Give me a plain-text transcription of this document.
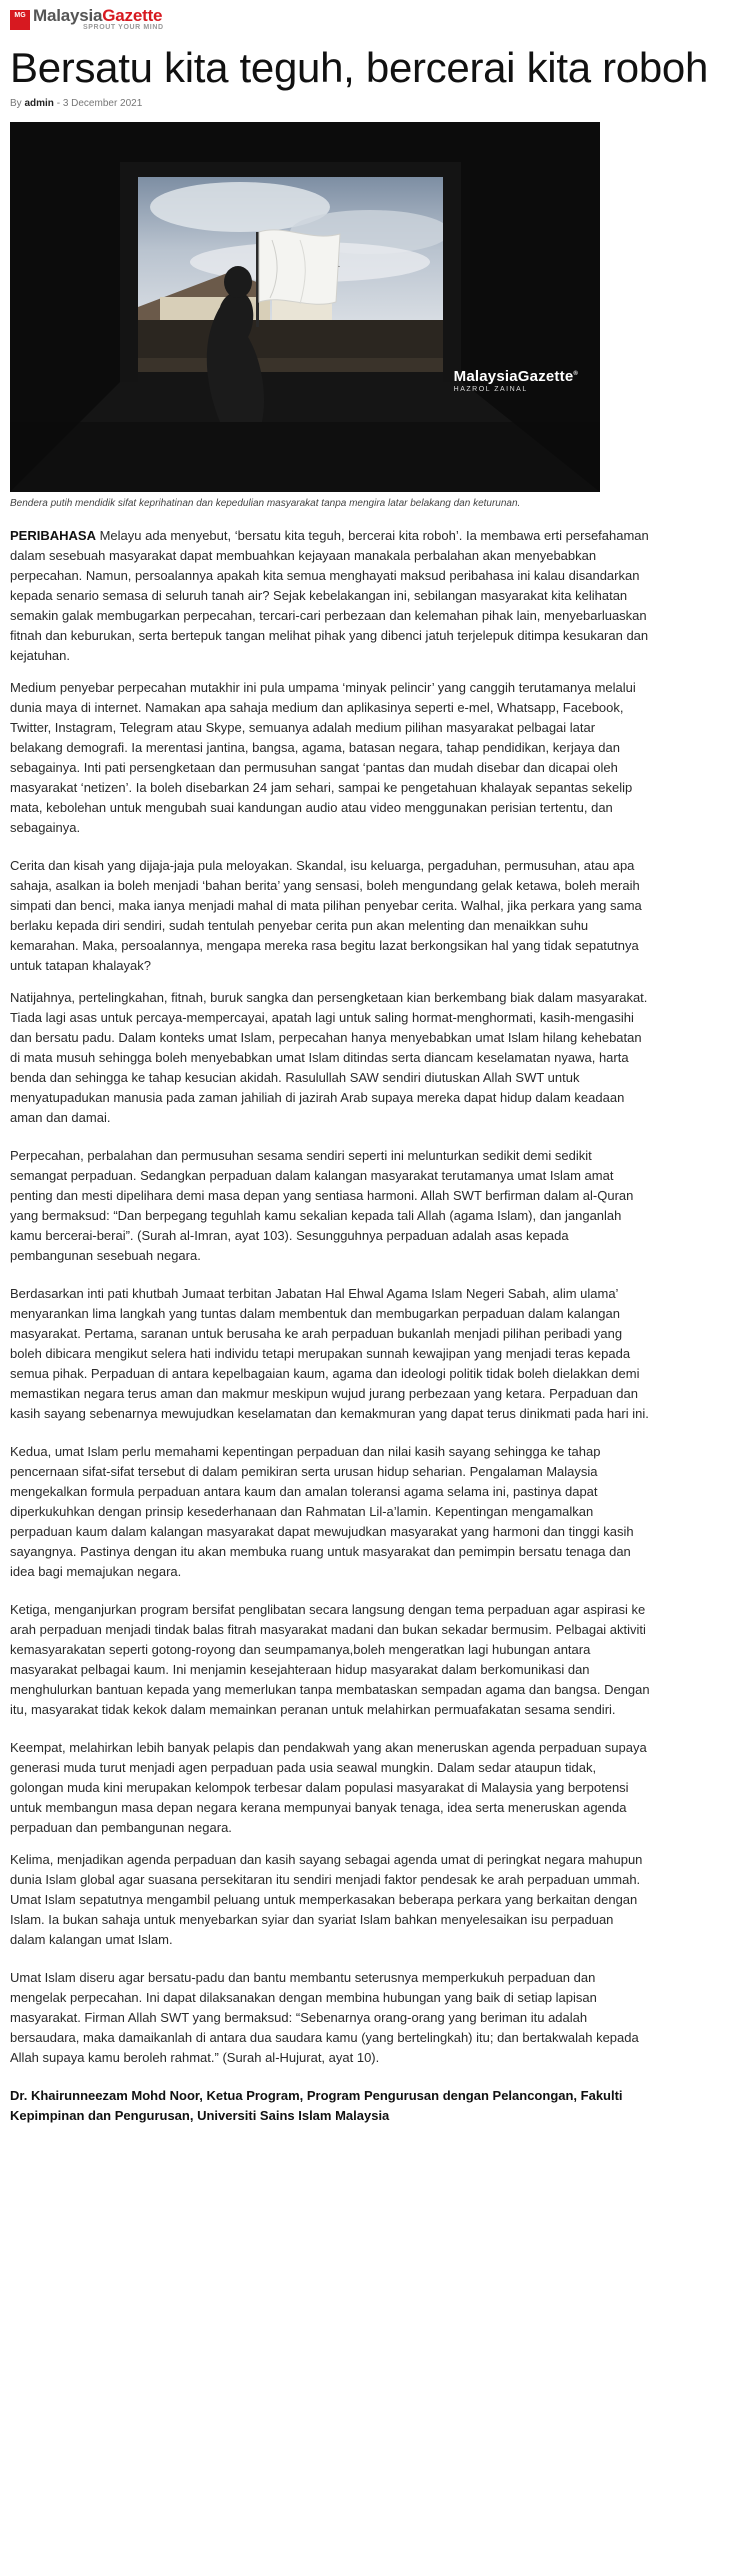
MG MalaysiaGazette
SPROUT YOUR MIND
Bersatu kita teguh, bercerai kita roboh
By admin - 3 December 2021
MalaysiaGazette®
HAZROL ZAINAL
Bendera putih mendidik sifat keprihatinan dan kepedulian masyarakat tanpa mengira latar belakang dan keturunan.

PERIBAHASA Melayu ada menyebut, ‘bersatu kita teguh, bercerai kita roboh’. Ia membawa erti persefahaman dalam sesebuah masyarakat dapat membuahkan kejayaan manakala perbalahan akan menyebabkan perpecahan. Namun, persoalannya apakah kita semua menghayati maksud peribahasa ini kalau disandarkan kepada senario semasa di seluruh tanah air? Sejak kebelakangan ini, sebilangan masyarakat kita kelihatan semakin galak membugarkan perpecahan, tercari-cari perbezaan dan kelemahan pihak lain, menyebarluaskan fitnah dan keburukan, serta bertepuk tangan melihat pihak yang dibenci jatuh terjelepuk ditimpa kesukaran dan kejatuhan.

Medium penyebar perpecahan mutakhir ini pula umpama ‘minyak pelincir’ yang canggih terutamanya melalui dunia maya di internet. Namakan apa sahaja medium dan aplikasinya seperti e-mel, Whatsapp, Facebook, Twitter, Instagram, Telegram atau Skype, semuanya adalah medium pilihan masyarakat pelbagai latar belakang demografi. Ia merentasi jantina, bangsa, agama, batasan negara, tahap pendidikan, kerjaya dan sebagainya. Inti pati persengketaan dan permusuhan sangat ‘pantas dan mudah disebar dan dicapai oleh masyarakat ‘netizen’. Ia boleh disebarkan 24 jam sehari, sampai ke pengetahuan khalayak sepantas sekelip mata, kebolehan untuk mengubah suai kandungan audio atau video menggunakan perisian tertentu, dan sebagainya.

Cerita dan kisah yang dijaja-jaja pula meloyakan. Skandal, isu keluarga, pergaduhan, permusuhan, atau apa sahaja, asalkan ia boleh menjadi ‘bahan berita’ yang sensasi, boleh mengundang gelak ketawa, boleh meraih simpati dan benci, maka ianya menjadi mahal di mata pilihan penyebar cerita. Walhal, jika perkara yang sama berlaku kepada diri sendiri, sudah tentulah penyebar cerita pun akan melenting dan menaikkan suhu kemarahan. Maka, persoalannya, mengapa mereka rasa begitu lazat berkongsikan hal yang tidak sepatutnya untuk tatapan khalayak?

Natijahnya, pertelingkahan, fitnah, buruk sangka dan persengketaan kian berkembang biak dalam masyarakat. Tiada lagi asas untuk percaya-mempercayai, apatah lagi untuk saling hormat-menghormati, kasih-mengasihi dan bersatu padu. Dalam konteks umat Islam, perpecahan hanya menyebabkan umat Islam hilang kehebatan di mata musuh sehingga boleh menyebabkan umat Islam ditindas serta diancam keselamatan nyawa, harta benda dan sehingga ke tahap kesucian akidah. Rasulullah SAW sendiri diutuskan Allah SWT untuk menyatupadukan manusia pada zaman jahiliah di jazirah Arab supaya mereka dapat hidup dalam keadaan aman dan damai.

Perpecahan, perbalahan dan permusuhan sesama sendiri seperti ini melunturkan sedikit demi sedikit semangat perpaduan. Sedangkan perpaduan dalam kalangan masyarakat terutamanya umat Islam amat penting dan mesti dipelihara demi masa depan yang sentiasa harmoni. Allah SWT berfirman dalam al-Quran yang bermaksud: “Dan berpegang teguhlah kamu sekalian kepada tali Allah (agama Islam), dan janganlah kamu bercerai-berai”. (Surah al-Imran, ayat 103). Sesungguhnya perpaduan adalah asas kepada pembangunan sesebuah negara.

Berdasarkan inti pati khutbah Jumaat terbitan Jabatan Hal Ehwal Agama Islam Negeri Sabah, alim ulama’ menyarankan lima langkah yang tuntas dalam membentuk dan membugarkan perpaduan dalam kalangan masyarakat. Pertama, saranan untuk berusaha ke arah perpaduan bukanlah menjadi pilihan peribadi yang boleh dibicara mengikut selera hati individu tetapi merupakan sunnah kewajipan yang menjadi teras kepada semua pihak. Perpaduan di antara kepelbagaian kaum, agama dan ideologi politik tidak boleh dielakkan demi memastikan negara terus aman dan makmur meskipun wujud jurang perbezaan yang ketara. Perpaduan dan kasih sayang sebenarnya mewujudkan keselamatan dan kemakmuran yang dapat terus dinikmati pada hari ini.

Kedua, umat Islam perlu memahami kepentingan perpaduan dan nilai kasih sayang sehingga ke tahap pencernaan sifat-sifat tersebut di dalam pemikiran serta urusan hidup seharian. Pengalaman Malaysia mengekalkan formula perpaduan antara kaum dan amalan toleransi agama selama ini, pastinya dapat diperkukuhkan dengan prinsip kesederhanaan dan Rahmatan Lil-a’lamin. Kepentingan mengamalkan perpaduan kaum dalam kalangan masyarakat dapat mewujudkan masyarakat yang harmoni dan tinggi kasih sayangnya. Pastinya dengan itu akan membuka ruang untuk masyarakat dan pemimpin bersatu tenaga dan idea bagi memajukan negara.

Ketiga, menganjurkan program bersifat penglibatan secara langsung dengan tema perpaduan agar aspirasi ke arah perpaduan menjadi tindak balas fitrah masyarakat madani dan bukan sekadar bermusim. Pelbagai aktiviti kemasyarakatan seperti gotong-royong dan seumpamanya,boleh mengeratkan lagi hubungan antara masyarakat pelbagai kaum. Ini menjamin kesejahteraan hidup masyarakat dalam berkomunikasi dan menghulurkan bantuan kepada yang memerlukan tanpa membataskan sempadan agama dan bangsa. Dengan itu, masyarakat tidak kekok dalam memainkan peranan untuk melahirkan permuafakatan sesama sendiri.

Keempat, melahirkan lebih banyak pelapis dan pendakwah yang akan meneruskan agenda perpaduan supaya generasi muda turut menjadi agen perpaduan pada usia seawal mungkin. Dalam sedar ataupun tidak, golongan muda kini merupakan kelompok terbesar dalam populasi masyarakat di Malaysia yang berpotensi untuk membangun masa depan negara kerana mempunyai banyak tenaga, idea serta meneruskan agenda perpaduan dan pembangunan negara.

Kelima, menjadikan agenda perpaduan dan kasih sayang sebagai agenda umat di peringkat negara mahupun dunia Islam global agar suasana persekitaran itu sendiri menjadi faktor pendesak ke arah perpaduan ummah. Umat Islam sepatutnya mengambil peluang untuk memperkasakan beberapa perkara yang berkaitan dengan Islam. Ia bukan sahaja untuk menyebarkan syiar dan syariat Islam bahkan menyelesaikan isu perpaduan dalam kalangan umat Islam.

Umat Islam diseru agar bersatu-padu dan bantu membantu seterusnya memperkukuh perpaduan dan mengelak perpecahan. Ini dapat dilaksanakan dengan membina hubungan yang baik di setiap lapisan masyarakat. Firman Allah SWT yang bermaksud: “Sebenarnya orang-orang yang beriman itu adalah bersaudara, maka damaikanlah di antara dua saudara kamu (yang bertelingkah) itu; dan bertakwalah kepada Allah supaya kamu beroleh rahmat.” (Surah al-Hujurat, ayat 10).

Dr. Khairunneezam Mohd Noor, Ketua Program, Program Pengurusan dengan Pelancongan, Fakulti Kepimpinan dan Pengurusan, Universiti Sains Islam Malaysia
